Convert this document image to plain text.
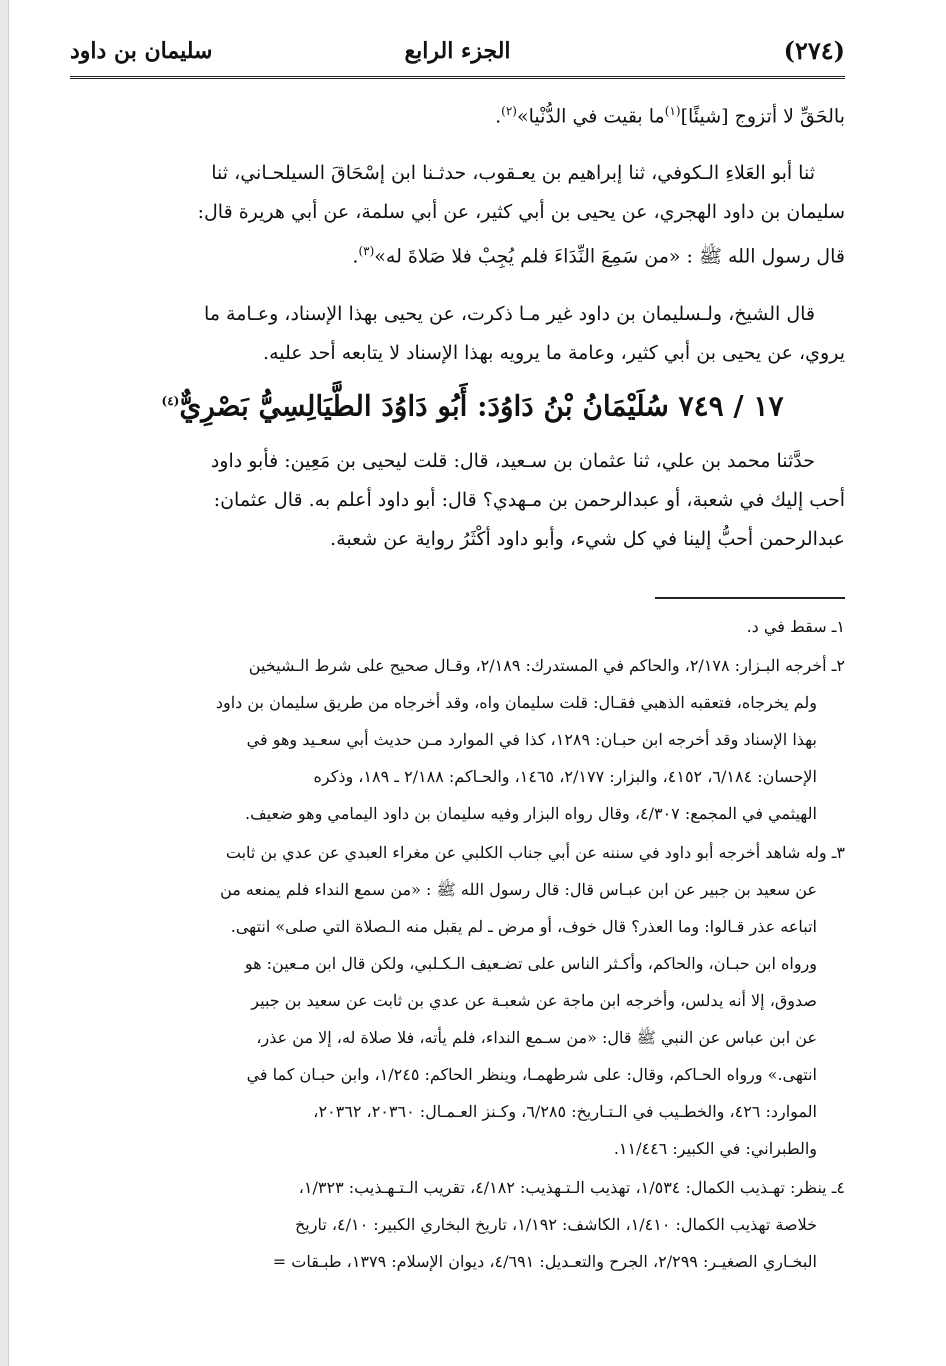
(٢٧٤)
الجزء الرابع
سليمان بن داود

بالحَقِّ لا أتزوج [شيئًا]$^{(١)}$ما بقيت في الدُّنْيا»$^{(٢)}$.

ثنا أبو العَلاءِ الـكوفي، ثنا إبراهيم بن يعـقوب، حدثـنا ابن إسْحَاقَ السيلحـاني، ثنا

سليمان بن داود الهجري، عن يحيى بن أبي كثير، عن أبي سلمة، عن أبي هريرة قال:

قال رسول الله ﷺ : «من سَمِعَ النِّدَاءَ فلم يُجِبْ فلا صَلاةَ له»$^{(٣)}$.

قال الشيخ، ولـسليمان بن داود غير مـا ذكرت، عن يحيى بهذا الإسناد، وعـامة ما

يروي، عن يحيى بن أبي كثير، وعامة ما يرويه بهذا الإسناد لا يتابعه أحد عليه.

١٧ / ٧٤٩ سُلَيْمَانُ بْنُ دَاوُدَ: أَبُو دَاوُدَ الطَّيَالِسِيُّ بَصْرِيٌّ$^{(٤)}$

حدَّثنا محمد بن علي، ثنا عثمان بن سـعيد، قال: قلت ليحيى بن مَعِين: فأبو داود

أحب إليك في شعبة، أو عبدالرحمن بن مـهدي؟ قال: أبو داود أعلم به. قال عثمان:

عبدالرحمن أحبُّ إلينا في كل شيء، وأبو داود أكْثَرُ رواية عن شعبة.

١ـ سقط في د.

٢ـ أخرجه البـزار: ٢/١٧٨، والحاكم في المستدرك: ٢/١٨٩، وقـال صحيح على شرط الـشيخين

ولم يخرجاه، فتعقبه الذهبي فقـال: قلت سليمان واه، وقد أخرجاه من طريق سليمان بن داود

بهذا الإسناد وقد أخرجه ابن حبـان: ١٢٨٩، كذا في الموارد مـن حديث أبي سعـيد وهو في

الإحسان: ٦/١٨٤، ٤١٥٢، والبزار: ٢/١٧٧، ١٤٦٥، والحـاكم: ٢/١٨٨ ـ ١٨٩، وذكره

الهيثمي في المجمع: ٤/٣٠٧، وقال رواه البزار وفيه سليمان بن داود اليمامي وهو ضعيف.

٣ـ وله شاهد أخرجه أبو داود في سننه عن أبي جناب الكلبي عن مغراء العبدي عن عدي بن ثابت

عن سعيد بن جبير عن ابن عبـاس قال: قال رسول الله ﷺ : «من سمع النداء فلم يمنعه من

اتباعه عذر قـالوا: وما العذر؟ قال خوف، أو مرض ـ لم يقبل منه الـصلاة التي صلى» انتهى.

ورواه ابن حبـان، والحاكم، وأكـثر الناس على تضـعيف الـكـلبي، ولكن قال ابن مـعين: هو

صدوق، إلا أنه يدلس، وأخرجه ابن ماجة عن شعبـة عن عدي بن ثابت عن سعيد بن جبير

عن ابن عباس عن النبي ﷺ قال: «من سـمع النداء، فلم يأته، فلا صلاة له، إلا من عذر،

انتهى.» ورواه الحـاكم، وقال: على شرطهمـا، وينظر الحاكم: ١/٢٤٥، وابن حبـان كما في

الموارد: ٤٢٦، والخطـيب في الـتـاريخ: ٦/٢٨٥، وكـنز العـمـال: ٢٠٣٦٠، ٢٠٣٦٢،

والطبراني: في الكبير: ١١/٤٤٦.

٤ـ ينظر: تهـذيب الكمال: ١/٥٣٤، تهذيب الـتـهذيب: ٤/١٨٢، تقريب الـتـهـذيب: ١/٣٢٣،

خلاصة تهذيب الكمال: ١/٤١٠، الكاشف: ١/١٩٢، تاريخ البخاري الكبير: ٤/١٠، تاريخ

البخـاري الصغيـر: ٢/٢٩٩، الجرح والتعـديل: ٤/٦٩١، ديوان الإسلام: ١٣٧٩، طبـقات =
